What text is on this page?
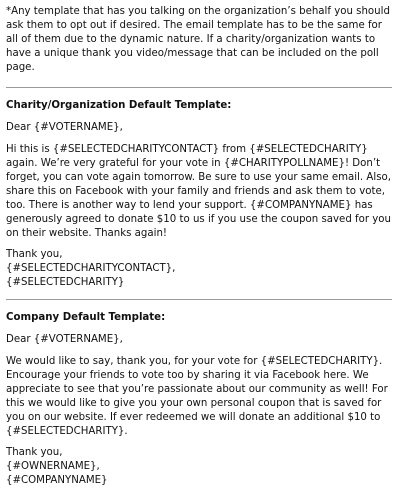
*Any template that has you talking on the organization’s behalf you should ask them to opt out if desired. The email template has to be the same for all of them due to the dynamic nature. If a charity/organization wants to have a unique thank you video/message that can be included on the poll page.

Charity/Organization Default Template:

Dear {#VOTERNAME},

Hi this is {#SELECTEDCHARITYCONTACT} from {#SELECTEDCHARITY} again. We’re very grateful for your vote in {#CHARITYPOLLNAME}! Don’t forget, you can vote again tomorrow. Be sure to use your same email. Also, share this on Facebook with your family and friends and ask them to vote, too. There is another way to lend your support. {#COMPANYNAME} has generously agreed to donate $10 to us if you use the coupon saved for you on their website. Thanks again!

Thank you,
{#SELECTEDCHARITYCONTACT},
{#SELECTEDCHARITY}

Company Default Template:

Dear {#VOTERNAME},

We would like to say, thank you, for your vote for {#SELECTEDCHARITY}. Encourage your friends to vote too by sharing it via Facebook here. We appreciate to see that you’re passionate about our community as well! For this we would like to give you your own personal coupon that is saved for you on our website. If ever redeemed we will donate an additional $10 to {#SELECTEDCHARITY}.

Thank you,
{#OWNERNAME},
{#COMPANYNAME}
